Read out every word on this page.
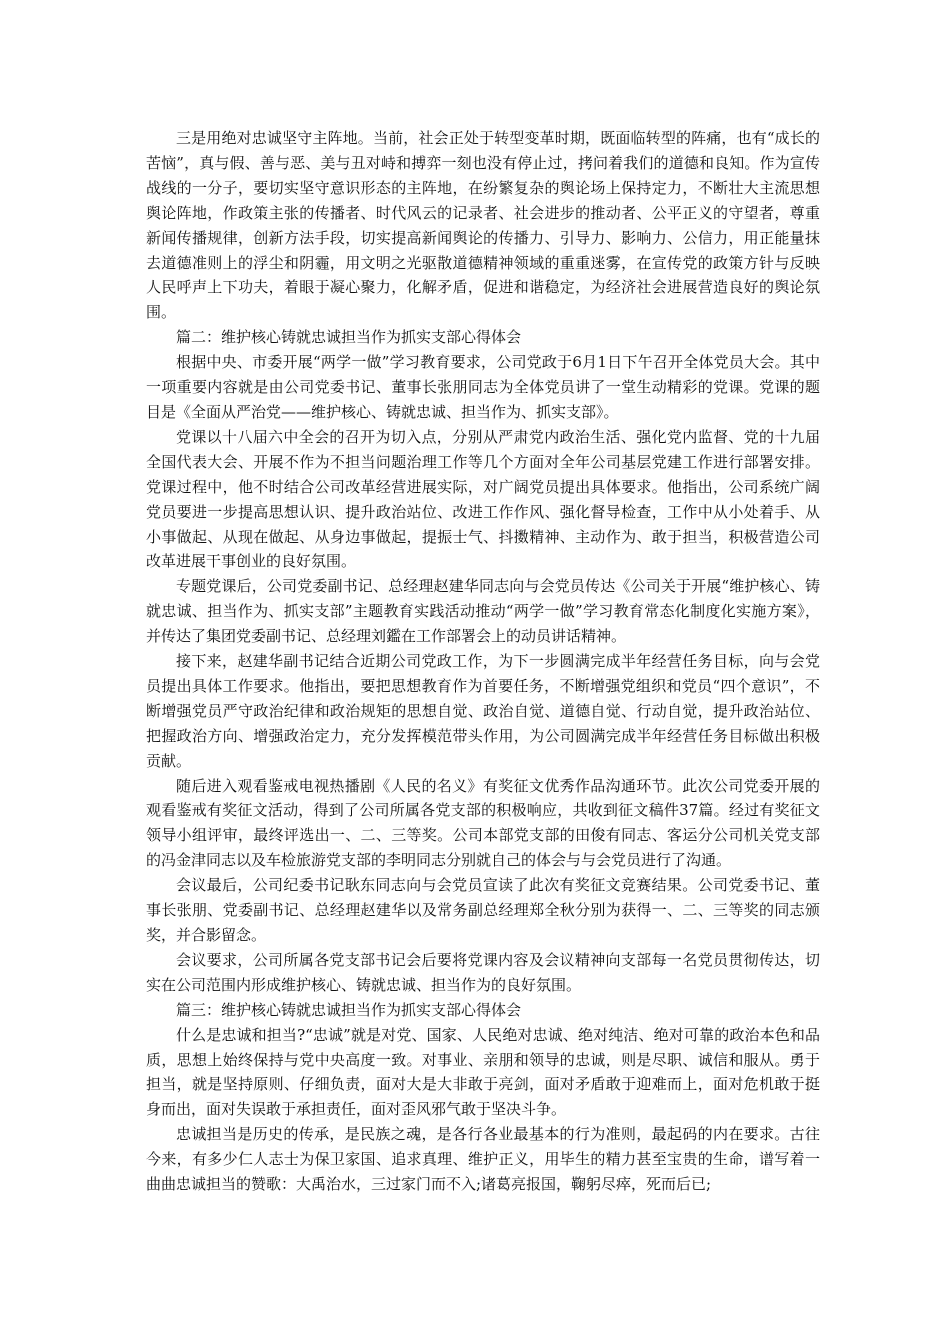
三是用绝对忠诚坚守主阵地。当前，社会正处于转型变革时期，既面临转型的阵痛，也有“成长的苦恼”，真与假、善与恶、美与丑对峙和搏弈一刻也没有停止过，拷问着我们的道德和良知。作为宣传战线的一分子，要切实坚守意识形态的主阵地，在纷繁复杂的舆论场上保持定力，不断壮大主流思想舆论阵地，作政策主张的传播者、时代风云的记录者、社会进步的推动者、公平正义的守望者，尊重新闻传播规律，创新方法手段，切实提高新闻舆论的传播力、引导力、影响力、公信力，用正能量抹去道德准则上的浮尘和阴霾，用文明之光驱散道德精神领域的重重迷雾，在宣传党的政策方针与反映人民呼声上下功夫，着眼于凝心聚力，化解矛盾，促进和谐稳定，为经济社会进展营造良好的舆论氛围。

篇二：维护核心铸就忠诚担当作为抓实支部心得体会

根据中央、市委开展“两学一做”学习教育要求，公司党政于6月1日下午召开全体党员大会。其中一项重要内容就是由公司党委书记、董事长张朋同志为全体党员讲了一堂生动精彩的党课。党课的题目是《全面从严治党——维护核心、铸就忠诚、担当作为、抓实支部》。

党课以十八届六中全会的召开为切入点，分别从严肃党内政治生活、强化党内监督、党的十九届全国代表大会、开展不作为不担当问题治理工作等几个方面对全年公司基层党建工作进行部署安排。党课过程中，他不时结合公司改革经营进展实际，对广阔党员提出具体要求。他指出，公司系统广阔党员要进一步提高思想认识、提升政治站位、改进工作作风、强化督导检查，工作中从小处着手、从小事做起、从现在做起、从身边事做起，提振士气、抖擞精神、主动作为、敢于担当，积极营造公司改革进展干事创业的良好氛围。

专题党课后，公司党委副书记、总经理赵建华同志向与会党员传达《公司关于开展“维护核心、铸就忠诚、担当作为、抓实支部”主题教育实践活动推动“两学一做”学习教育常态化制度化实施方案》，并传达了集团党委副书记、总经理刘鑑在工作部署会上的动员讲话精神。

接下来，赵建华副书记结合近期公司党政工作，为下一步圆满完成半年经营任务目标，向与会党员提出具体工作要求。他指出，要把思想教育作为首要任务，不断增强党组织和党员“四个意识”，不断增强党员严守政治纪律和政治规矩的思想自觉、政治自觉、道德自觉、行动自觉，提升政治站位、把握政治方向、增强政治定力，充分发挥模范带头作用，为公司圆满完成半年经营任务目标做出积极贡献。

随后进入观看鉴戒电视热播剧《人民的名义》有奖征文优秀作品沟通环节。此次公司党委开展的观看鉴戒有奖征文活动，得到了公司所属各党支部的积极响应，共收到征文稿件37篇。经过有奖征文领导小组评审，最终评选出一、二、三等奖。公司本部党支部的田俊有同志、客运分公司机关党支部的冯金津同志以及车检旅游党支部的李明同志分别就自己的体会与与会党员进行了沟通。

会议最后，公司纪委书记耿东同志向与会党员宣读了此次有奖征文竞赛结果。公司党委书记、董事长张朋、党委副书记、总经理赵建华以及常务副总经理郑全秋分别为获得一、二、三等奖的同志颁奖，并合影留念。

会议要求，公司所属各党支部书记会后要将党课内容及会议精神向支部每一名党员贯彻传达，切实在公司范围内形成维护核心、铸就忠诚、担当作为的良好氛围。

篇三：维护核心铸就忠诚担当作为抓实支部心得体会

什么是忠诚和担当?“忠诚”就是对党、国家、人民绝对忠诚、绝对纯洁、绝对可靠的政治本色和品质，思想上始终保持与党中央高度一致。对事业、亲朋和领导的忠诚，则是尽职、诚信和服从。勇于担当，就是坚持原则、仔细负责，面对大是大非敢于亮剑，面对矛盾敢于迎难而上，面对危机敢于挺身而出，面对失误敢于承担责任，面对歪风邪气敢于坚决斗争。

忠诚担当是历史的传承，是民族之魂，是各行各业最基本的行为准则，最起码的内在要求。古往今来，有多少仁人志士为保卫家国、追求真理、维护正义，用毕生的精力甚至宝贵的生命，谱写着一曲曲忠诚担当的赞歌：大禹治水，三过家门而不入;诸葛亮报国，鞠躬尽瘁，死而后已;
